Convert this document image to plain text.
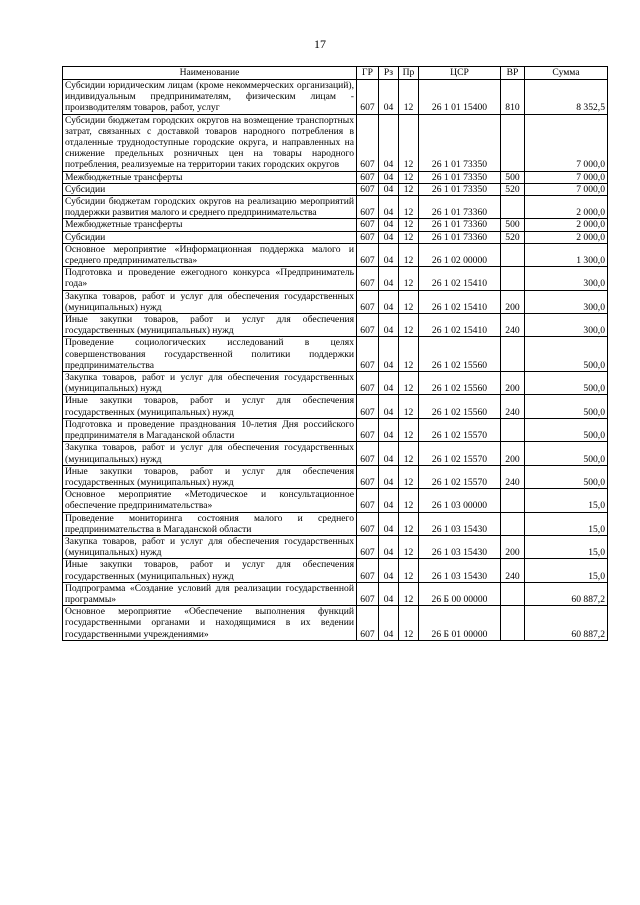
17
Наименование	ГР	Рз	Пр	ЦСР	ВР	Сумма
Субсидии юридическим лицам (кроме некоммерческих организаций), индивидуальным предпринимателям, физическим лицам - производителям товаров, работ, услуг	607	04	12	26 1 01 15400	810	8 352,5
Субсидии бюджетам городских округов на возмещение транспортных затрат, связанных с доставкой товаров народного потребления в отдаленные труднодоступные городские округа, и направленных на снижение предельных розничных цен на товары народного потребления, реализуемые на территории таких городских округов	607	04	12	26 1 01 73350		7 000,0
Межбюджетные трансферты	607	04	12	26 1 01 73350	500	7 000,0
Субсидии	607	04	12	26 1 01 73350	520	7 000,0
Субсидии бюджетам городских округов на реализацию мероприятий поддержки развития малого и среднего предпринимательства	607	04	12	26 1 01 73360		2 000,0
Межбюджетные трансферты	607	04	12	26 1 01 73360	500	2 000,0
Субсидии	607	04	12	26 1 01 73360	520	2 000,0
Основное мероприятие «Информационная поддержка малого и среднего предпринимательства»	607	04	12	26 1 02 00000		1 300,0
Подготовка и проведение ежегодного конкурса «Предприниматель года»	607	04	12	26 1 02 15410		300,0
Закупка товаров, работ и услуг для обеспечения государственных (муниципальных) нужд	607	04	12	26 1 02 15410	200	300,0
Иные закупки товаров, работ и услуг для обеспечения государственных (муниципальных) нужд	607	04	12	26 1 02 15410	240	300,0
Проведение социологических исследований в целях совершенствования государственной политики поддержки предпринимательства	607	04	12	26 1 02 15560		500,0
Закупка товаров, работ и услуг для обеспечения государственных (муниципальных) нужд	607	04	12	26 1 02 15560	200	500,0
Иные закупки товаров, работ и услуг для обеспечения государственных (муниципальных) нужд	607	04	12	26 1 02 15560	240	500,0
Подготовка и проведение празднования 10-летия Дня российского предпринимателя в Магаданской области	607	04	12	26 1 02 15570		500,0
Закупка товаров, работ и услуг для обеспечения государственных (муниципальных) нужд	607	04	12	26 1 02 15570	200	500,0
Иные закупки товаров, работ и услуг для обеспечения государственных (муниципальных) нужд	607	04	12	26 1 02 15570	240	500,0
Основное мероприятие «Методическое и консультационное обеспечение предпринимательства»	607	04	12	26 1 03 00000		15,0
Проведение мониторинга состояния малого и среднего предпринимательства в Магаданской области	607	04	12	26 1 03 15430		15,0
Закупка товаров, работ и услуг для обеспечения государственных (муниципальных) нужд	607	04	12	26 1 03 15430	200	15,0
Иные закупки товаров, работ и услуг для обеспечения государственных (муниципальных) нужд	607	04	12	26 1 03 15430	240	15,0
Подпрограмма «Создание условий для реализации государственной программы»	607	04	12	26 Б 00 00000		60 887,2
Основное мероприятие «Обеспечение выполнения функций государственными органами и находящимися в их ведении государственными учреждениями»	607	04	12	26 Б 01 00000		60 887,2
